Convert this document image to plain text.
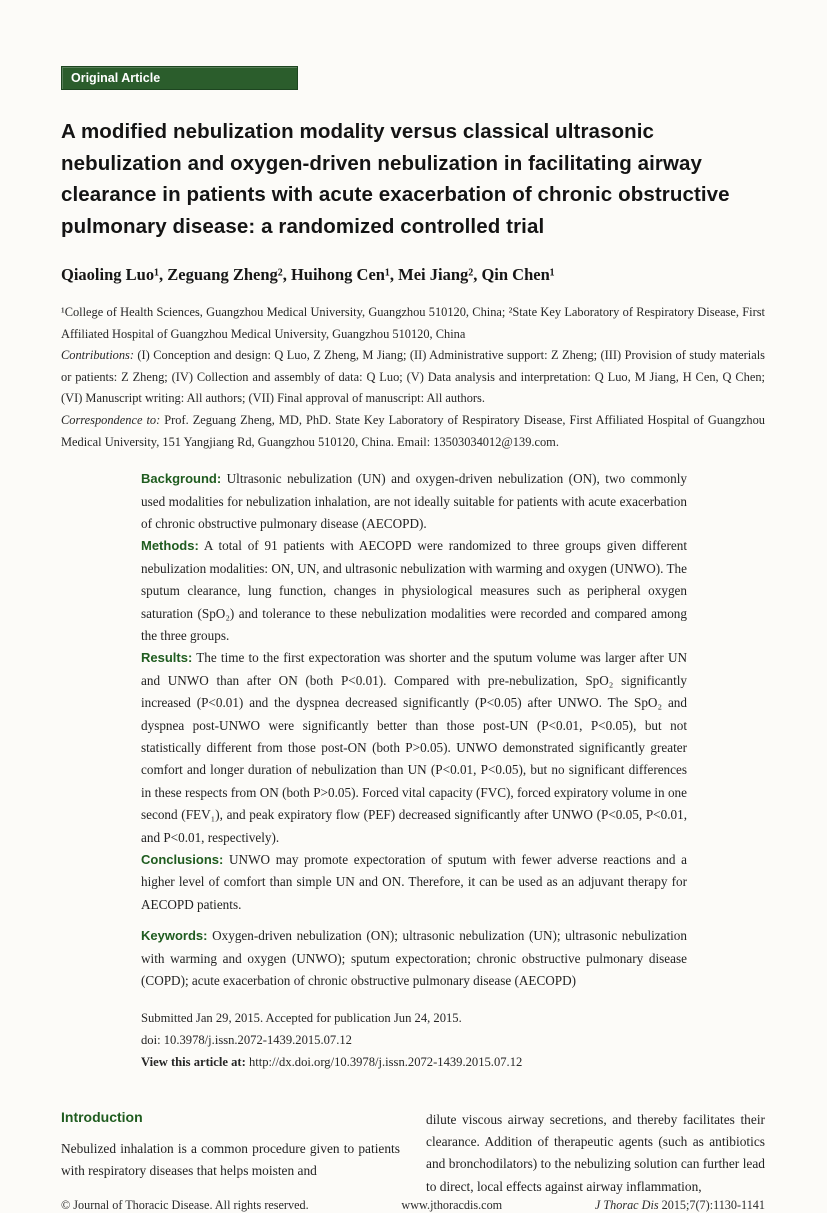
Original Article
A modified nebulization modality versus classical ultrasonic nebulization and oxygen-driven nebulization in facilitating airway clearance in patients with acute exacerbation of chronic obstructive pulmonary disease: a randomized controlled trial
Qiaoling Luo¹, Zeguang Zheng², Huihong Cen¹, Mei Jiang², Qin Chen¹

¹College of Health Sciences, Guangzhou Medical University, Guangzhou 510120, China; ²State Key Laboratory of Respiratory Disease, First Affiliated Hospital of Guangzhou Medical University, Guangzhou 510120, China

Contributions: (I) Conception and design: Q Luo, Z Zheng, M Jiang; (II) Administrative support: Z Zheng; (III) Provision of study materials or patients: Z Zheng; (IV) Collection and assembly of data: Q Luo; (V) Data analysis and interpretation: Q Luo, M Jiang, H Cen, Q Chen; (VI) Manuscript writing: All authors; (VII) Final approval of manuscript: All authors.

Correspondence to: Prof. Zeguang Zheng, MD, PhD. State Key Laboratory of Respiratory Disease, First Affiliated Hospital of Guangzhou Medical University, 151 Yangjiang Rd, Guangzhou 510120, China. Email: 13503034012@139.com.

Background: Ultrasonic nebulization (UN) and oxygen-driven nebulization (ON), two commonly used modalities for nebulization inhalation, are not ideally suitable for patients with acute exacerbation of chronic obstructive pulmonary disease (AECOPD).

Methods: A total of 91 patients with AECOPD were randomized to three groups given different nebulization modalities: ON, UN, and ultrasonic nebulization with warming and oxygen (UNWO). The sputum clearance, lung function, changes in physiological measures such as peripheral oxygen saturation (SpO₂) and tolerance to these nebulization modalities were recorded and compared among the three groups.

Results: The time to the first expectoration was shorter and the sputum volume was larger after UN and UNWO than after ON (both P<0.01). Compared with pre-nebulization, SpO₂ significantly increased (P<0.01) and the dyspnea decreased significantly (P<0.05) after UNWO. The SpO₂ and dyspnea post-UNWO were significantly better than those post-UN (P<0.01, P<0.05), but not statistically different from those post-ON (both P>0.05). UNWO demonstrated significantly greater comfort and longer duration of nebulization than UN (P<0.01, P<0.05), but no significant differences in these respects from ON (both P>0.05). Forced vital capacity (FVC), forced expiratory volume in one second (FEV₁), and peak expiratory flow (PEF) decreased significantly after UNWO (P<0.05, P<0.01, and P<0.01, respectively).

Conclusions: UNWO may promote expectoration of sputum with fewer adverse reactions and a higher level of comfort than simple UN and ON. Therefore, it can be used as an adjuvant therapy for AECOPD patients.

Keywords: Oxygen-driven nebulization (ON); ultrasonic nebulization (UN); ultrasonic nebulization with warming and oxygen (UNWO); sputum expectoration; chronic obstructive pulmonary disease (COPD); acute exacerbation of chronic obstructive pulmonary disease (AECOPD)

Submitted Jan 29, 2015. Accepted for publication Jun 24, 2015.

doi: 10.3978/j.issn.2072-1439.2015.07.12

View this article at: http://dx.doi.org/10.3978/j.issn.2072-1439.2015.07.12

Introduction

Nebulized inhalation is a common procedure given to patients with respiratory diseases that helps moisten and

dilute viscous airway secretions, and thereby facilitates their clearance. Addition of therapeutic agents (such as antibiotics and bronchodilators) to the nebulizing solution can further lead to direct, local effects against airway inflammation,

© Journal of Thoracic Disease. All rights reserved.	www.jthoracdis.com	J Thorac Dis 2015;7(7):1130-1141
